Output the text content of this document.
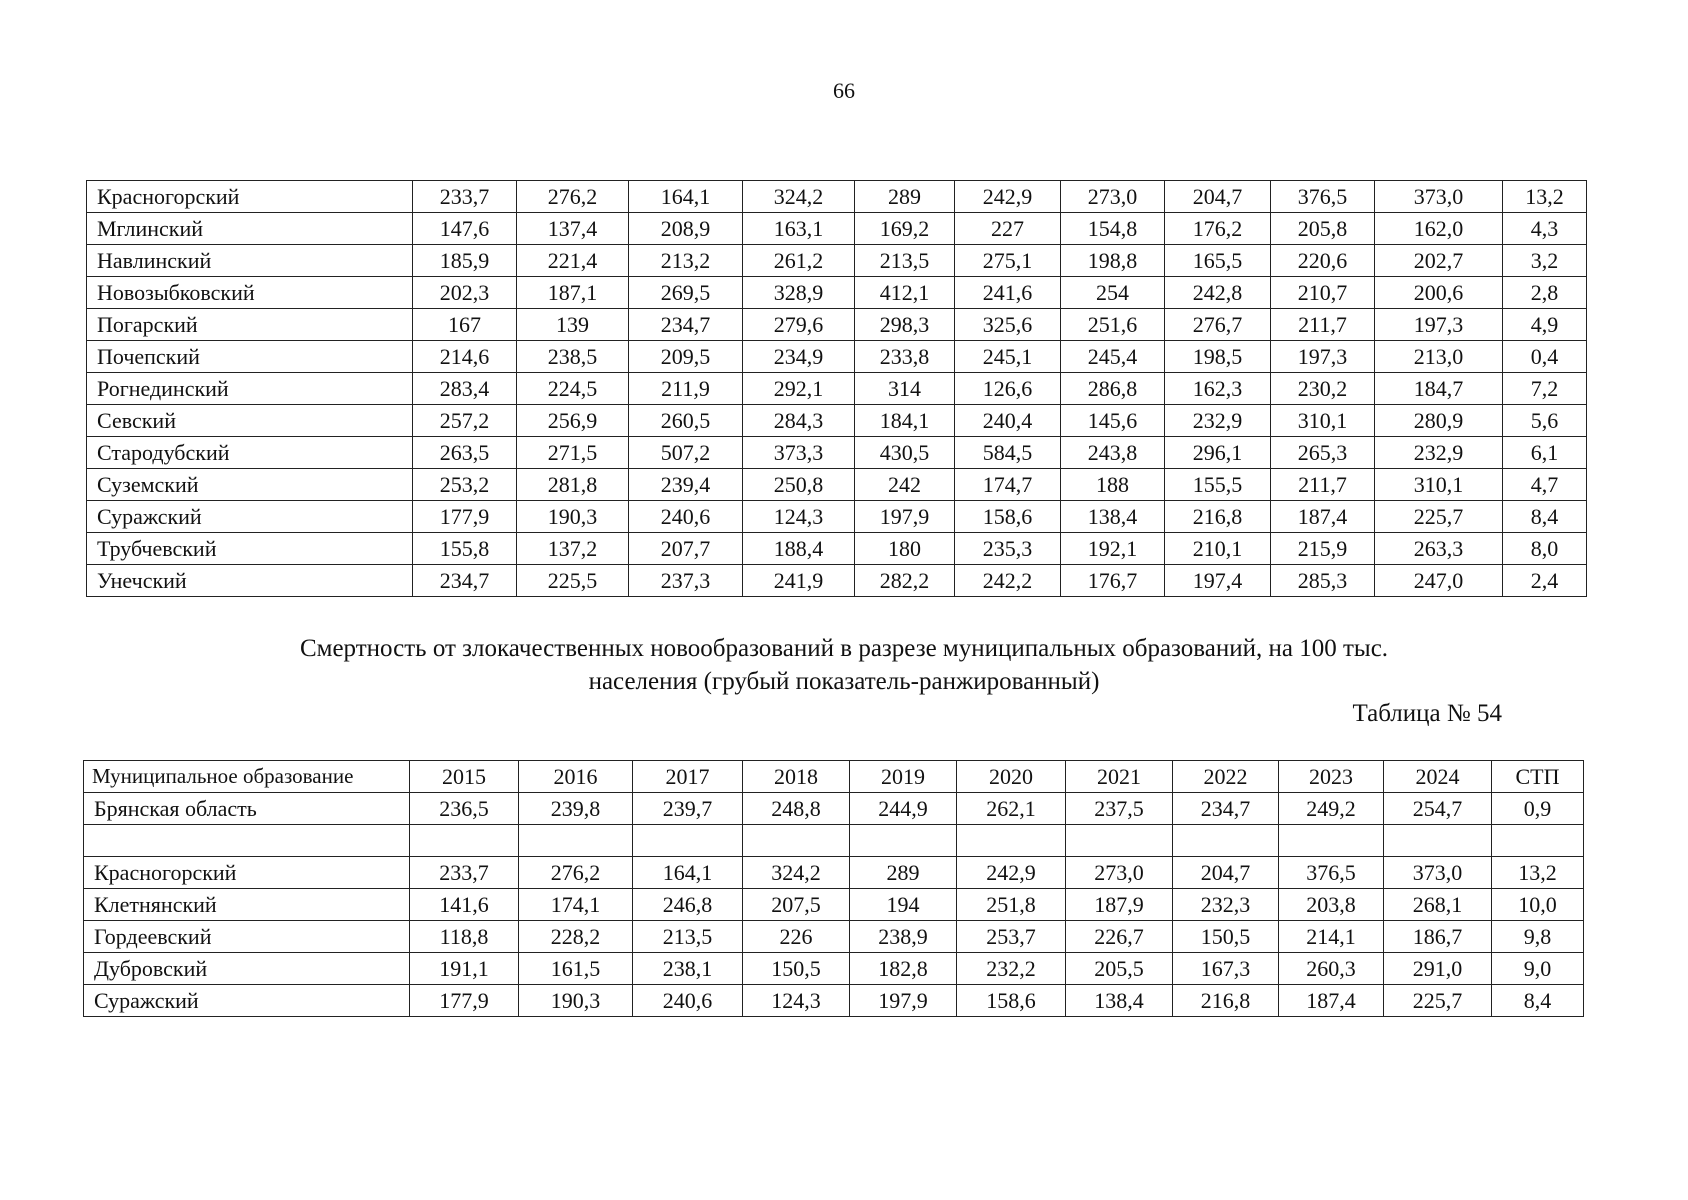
66
Красногорский	233,7	276,2	164,1	324,2	289	242,9	273,0	204,7	376,5	373,0	13,2
Мглинский	147,6	137,4	208,9	163,1	169,2	227	154,8	176,2	205,8	162,0	4,3
Навлинский	185,9	221,4	213,2	261,2	213,5	275,1	198,8	165,5	220,6	202,7	3,2
Новозыбковский	202,3	187,1	269,5	328,9	412,1	241,6	254	242,8	210,7	200,6	2,8
Погарский	167	139	234,7	279,6	298,3	325,6	251,6	276,7	211,7	197,3	4,9
Почепский	214,6	238,5	209,5	234,9	233,8	245,1	245,4	198,5	197,3	213,0	0,4
Рогнединский	283,4	224,5	211,9	292,1	314	126,6	286,8	162,3	230,2	184,7	7,2
Севский	257,2	256,9	260,5	284,3	184,1	240,4	145,6	232,9	310,1	280,9	5,6
Стародубский	263,5	271,5	507,2	373,3	430,5	584,5	243,8	296,1	265,3	232,9	6,1
Суземский	253,2	281,8	239,4	250,8	242	174,7	188	155,5	211,7	310,1	4,7
Суражский	177,9	190,3	240,6	124,3	197,9	158,6	138,4	216,8	187,4	225,7	8,4
Трубчевский	155,8	137,2	207,7	188,4	180	235,3	192,1	210,1	215,9	263,3	8,0
Унечский	234,7	225,5	237,3	241,9	282,2	242,2	176,7	197,4	285,3	247,0	2,4
Смертность от злокачественных новообразований в разрезе муниципальных образований, на 100 тыс.
населения (грубый показатель-ранжированный)
Таблица № 54
Муниципальное образование	2015	2016	2017	2018	2019	2020	2021	2022	2023	2024	СТП
Брянская область	236,5	239,8	239,7	248,8	244,9	262,1	237,5	234,7	249,2	254,7	0,9

Красногорский	233,7	276,2	164,1	324,2	289	242,9	273,0	204,7	376,5	373,0	13,2
Клетнянский	141,6	174,1	246,8	207,5	194	251,8	187,9	232,3	203,8	268,1	10,0
Гордеевский	118,8	228,2	213,5	226	238,9	253,7	226,7	150,5	214,1	186,7	9,8
Дубровский	191,1	161,5	238,1	150,5	182,8	232,2	205,5	167,3	260,3	291,0	9,0
Суражский	177,9	190,3	240,6	124,3	197,9	158,6	138,4	216,8	187,4	225,7	8,4
